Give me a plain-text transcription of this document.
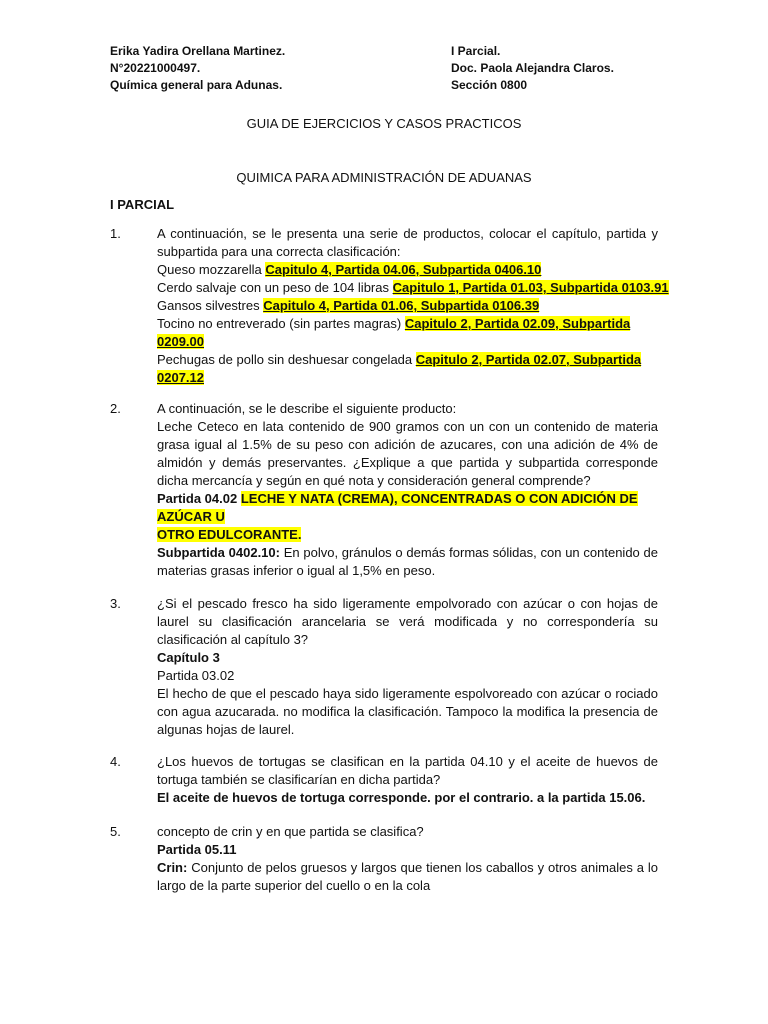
Erika Yadira Orellana Martinez.
N°20221000497.
Química general para Adunas.
I Parcial.
Doc. Paola Alejandra Claros.
Sección 0800
GUIA DE EJERCICIOS Y CASOS PRACTICOS
QUIMICA PARA ADMINISTRACIÓN DE ADUANAS
I PARCIAL
1.	A continuación, se le presenta una serie de productos, colocar el capítulo, partida y subpartida para una correcta clasificación:
Queso mozzarella Capitulo 4, Partida 04.06, Subpartida 0406.10
Cerdo salvaje con un peso de 104 libras Capitulo 1, Partida 01.03, Subpartida 0103.91
Gansos silvestres Capitulo 4, Partida 01.06, Subpartida 0106.39
Tocino no entreverado (sin partes magras) Capitulo 2, Partida 02.09, Subpartida 0209.00
Pechugas de pollo sin deshuesar congelada Capitulo 2, Partida 02.07, Subpartida 0207.12
2.	A continuación, se le describe el siguiente producto:
Leche Ceteco en lata contenido de 900 gramos con un con un contenido de materia grasa igual al 1.5% de su peso con adición de azucares, con una adición de 4% de almidón y demás preservantes. ¿Explique a que partida y subpartida corresponde dicha mercancía y según en qué nota y consideración general comprende?
Partida 04.02 LECHE Y NATA (CREMA), CONCENTRADAS O CON ADICIÓN DE AZÚCAR U
OTRO EDULCORANTE.
Subpartida 0402.10: En polvo, gránulos o demás formas sólidas, con un contenido de materias grasas inferior o igual al 1,5% en peso.
3.	¿Si el pescado fresco ha sido ligeramente empolvorado con azúcar o con hojas de laurel su clasificación arancelaria se verá modificada y no correspondería su clasificación al capítulo 3?
Capítulo 3
Partida 03.02
El hecho de que el pescado haya sido ligeramente espolvoreado con azúcar o rociado con agua azucarada. no modifica la clasificación. Tampoco la modifica la presencia de algunas hojas de laurel.
4.	¿Los huevos de tortugas se clasifican en la partida 04.10 y el aceite de huevos de tortuga también se clasificarían en dicha partida?
El aceite de huevos de tortuga corresponde. por el contrario. a la partida 15.06.
5.	concepto de crin y en que partida se clasifica?
Partida 05.11
Crin: Conjunto de pelos gruesos y largos que tienen los caballos y otros animales a lo largo de la parte superior del cuello o en la cola
